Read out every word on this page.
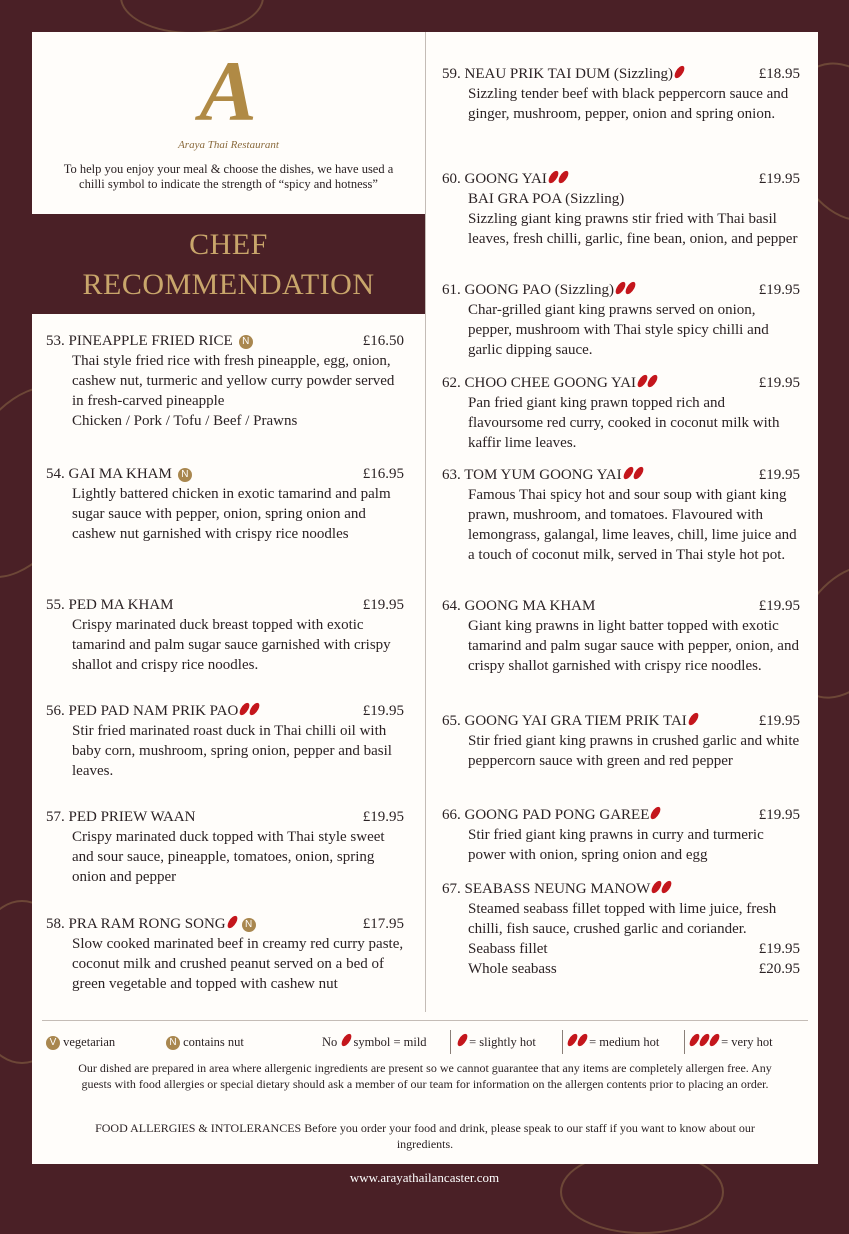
A
Araya Thai Restaurant
To help you enjoy your meal & choose the dishes, we have used a chilli symbol to indicate the strength of “spicy and hotness”
CHEF
RECOMMENDATION
53. PINEAPPLE FRIED RICE N	£16.50
Thai style fried rice with fresh pineapple, egg, onion, cashew nut, turmeric and yellow curry powder served in fresh-carved pineapple
Chicken / Pork / Tofu / Beef / Prawns
54. GAI MA KHAM N	£16.95
Lightly battered chicken in exotic tamarind and palm sugar sauce with pepper, onion, spring onion and cashew nut garnished with crispy rice noodles
55. PED MA KHAM	£19.95
Crispy marinated duck breast topped with exotic tamarind and palm sugar sauce garnished with crispy shallot and crispy rice noodles.
56. PED PAD NAM PRIK PAO	£19.95
Stir fried marinated roast duck in Thai chilli oil with baby corn, mushroom, spring onion, pepper and basil leaves.
57. PED PRIEW WAAN	£19.95
Crispy marinated duck topped with Thai style sweet and sour sauce, pineapple, tomatoes, onion, spring onion and pepper
58. PRA RAM RONG SONG N	£17.95
Slow cooked marinated beef in creamy red curry paste, coconut milk and crushed peanut served on a bed of green vegetable and topped with cashew nut
59. NEAU PRIK TAI DUM (Sizzling)	£18.95
Sizzling tender beef with black peppercorn sauce and ginger, mushroom, pepper, onion and spring onion.
60. GOONG YAI	£19.95
BAI GRA POA (Sizzling)
Sizzling giant king prawns stir fried with Thai basil leaves, fresh chilli, garlic, fine bean, onion, and pepper
61. GOONG PAO (Sizzling)	£19.95
Char-grilled giant king prawns served on onion, pepper, mushroom with Thai style spicy chilli and garlic dipping sauce.
62. CHOO CHEE GOONG YAI	£19.95
Pan fried giant king prawn topped rich and flavoursome red curry, cooked in coconut milk with kaffir lime leaves.
63. TOM YUM GOONG YAI	£19.95
Famous Thai spicy hot and sour soup with giant king prawn, mushroom, and tomatoes. Flavoured with lemongrass, galangal, lime leaves, chill, lime juice and a touch of coconut milk, served in Thai style hot pot.
64. GOONG MA KHAM	£19.95
Giant king prawns in light batter topped with exotic tamarind and palm sugar sauce with pepper, onion, and crispy shallot garnished with crispy rice noodles.
65. GOONG YAI GRA TIEM PRIK TAI	£19.95
Stir fried giant king prawns in crushed garlic and white peppercorn sauce with green and red pepper
66. GOONG PAD PONG GAREE	£19.95
Stir fried giant king prawns in curry and turmeric power with onion, spring onion and egg
67. SEABASS NEUNG MANOW
Steamed seabass fillet topped with lime juice, fresh chilli, fish sauce, crushed garlic and coriander.
Seabass fillet	£19.95
Whole seabass	£20.95
V vegetarian	N contains nut	No symbol = mild	= slightly hot	= medium hot	= very hot
Our dished are prepared in area where allergenic ingredients are present so we cannot guarantee that any items are completely allergen free. Any guests with food allergies or special dietary should ask a member of our team for information on the allergen contents prior to placing an order.
FOOD ALLERGIES & INTOLERANCES Before you order your food and drink, please speak to our staff if you want to know about our ingredients.
www.arayathailancaster.com
